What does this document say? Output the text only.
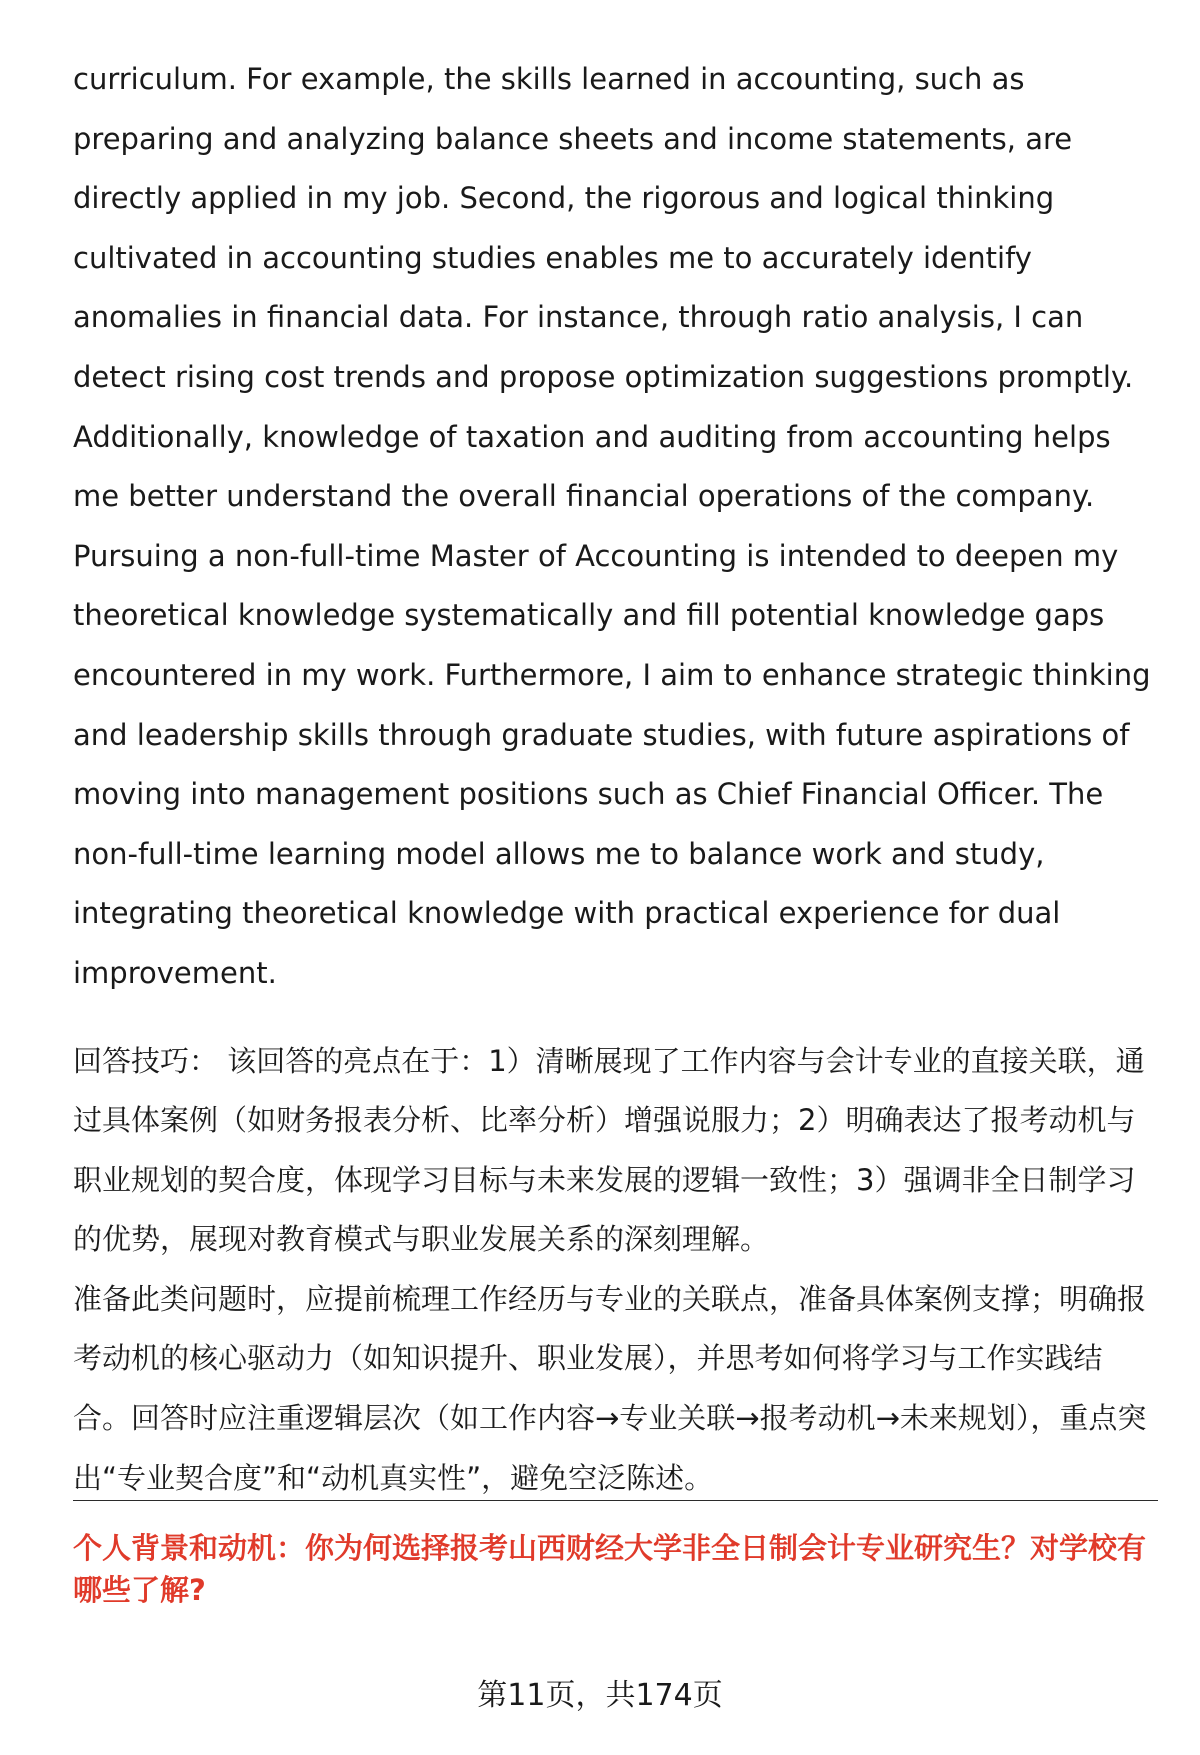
curriculum. For example, the skills learned in accounting, such as preparing and analyzing balance sheets and income statements, are directly applied in my job. Second, the rigorous and logical thinking cultivated in accounting studies enables me to accurately identify anomalies in financial data. For instance, through ratio analysis, I can detect rising cost trends and propose optimization suggestions promptly. Additionally, knowledge of taxation and auditing from accounting helps me better understand the overall financial operations of the company. Pursuing a non-full-time Master of Accounting is intended to deepen my theoretical knowledge systematically and fill potential knowledge gaps encountered in my work. Furthermore, I aim to enhance strategic thinking and leadership skills through graduate studies, with future aspirations of moving into management positions such as Chief Financial Officer. The non-full-time learning model allows me to balance work and study, integrating theoretical knowledge with practical experience for dual improvement.

回答技巧： 该回答的亮点在于：1）清晰展现了工作内容与会计专业的直接关联，通过具体案例（如财务报表分析、比率分析）增强说服力；2）明确表达了报考动机与职业规划的契合度，体现学习目标与未来发展的逻辑一致性；3）强调非全日制学习的优势，展现对教育模式与职业发展关系的深刻理解。

准备此类问题时，应提前梳理工作经历与专业的关联点，准备具体案例支撑；明确报考动机的核心驱动力（如知识提升、职业发展），并思考如何将学习与工作实践结合。回答时应注重逻辑层次（如工作内容→专业关联→报考动机→未来规划），重点突出“专业契合度”和“动机真实性”，避免空泛陈述。

个人背景和动机：你为何选择报考山西财经大学非全日制会计专业研究生？对学校有哪些了解?

第11页，共174页
